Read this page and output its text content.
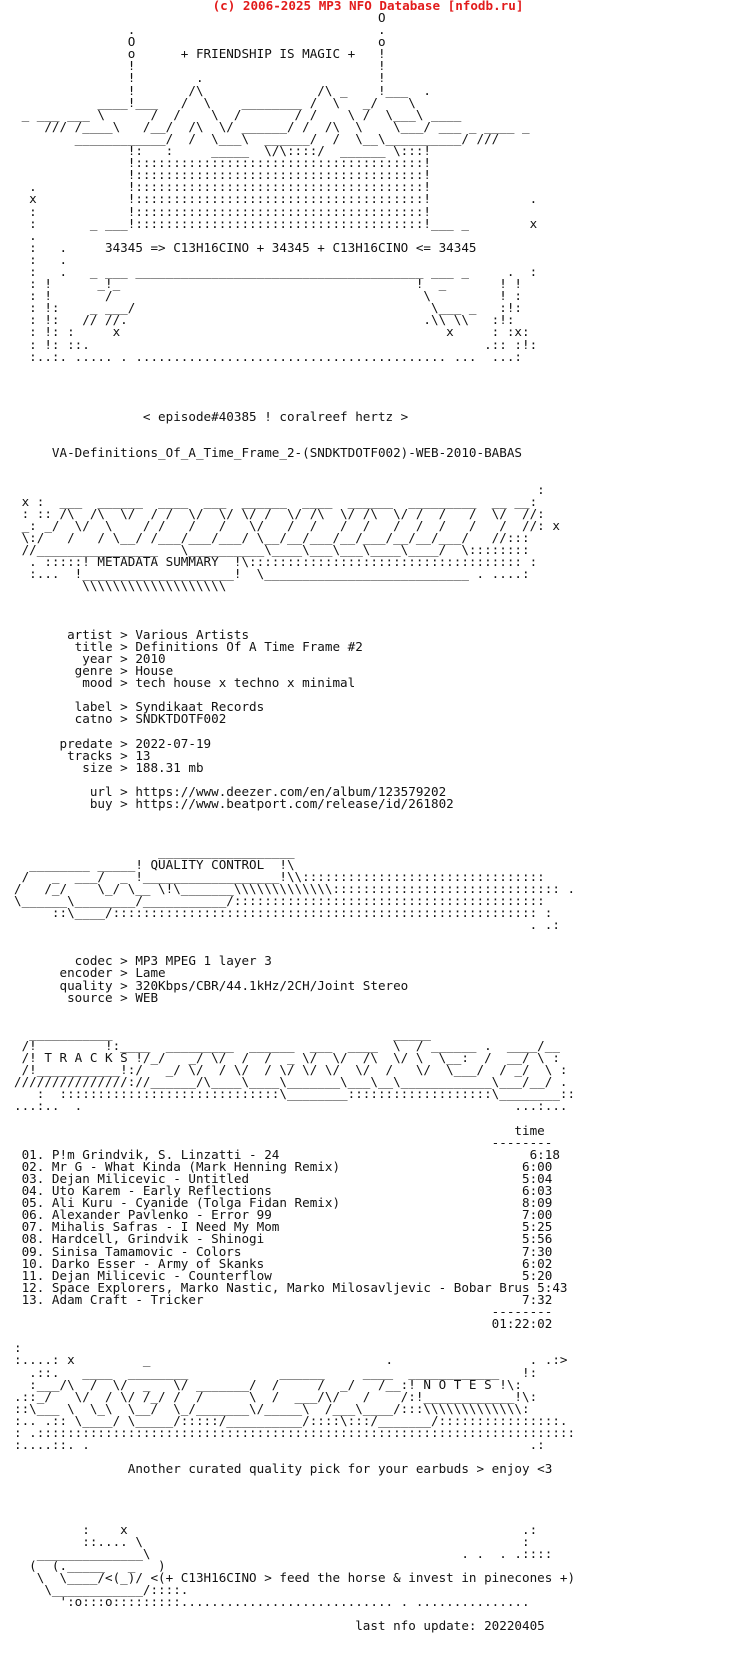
(c) 2006-2025 MP3 NFO Database [nfodb.ru]
O
.                                .
O                                o
o      + FRIENDSHIP IS MAGIC +   !
!                                !
!        .                       !
!       /\               /\ _    !___  .
____!___   /  \    ________ /  \   _/    \
_ ___ ___ \      /  /    \  /       / /    \ /  \___\ ____
/// /____\   /__/  /\  \/ ______/ /  /\  \    \___/ ___ _ ____ _
____________/  /  \___\  ______/  /  \__\__________/ ///
!:   :     _____  \/\::::/  ______ \:::!
!::::::::::::::::::::::::::::::::::::::!
!::::::::::::::::::::::::::::::::::::::!
.            !::::::::::::::::::::::::::::::::::::::!
x            !::::::::::::::::::::::::::::::::::::::!             .
:            !::::::::::::::::::::::::::::::::::::::!
:       _ ___!::::::::::::::::::::::::::::::::::::::!___ _        x
.
:   .     34345 => C13H16CINO + 34345 + C13H16CINO <= 34345
:   .
:   .   _ ___ ______________________________________ ___ _     .  :
: !      _!_                                       !  _       ! !
: !       /                                         \         ! :
: !:    _ ___/                                       \___ _   :!:
: !:   // //.                                       .\\ \\   :!:
: !: :     x                                           x     : :x:
: !: ::.                                                    .:: :!:
:..:. ..... . ......................................... ...  ...:

< episode#40385 ! coralreef hertz >

VA-Definitions_Of_A_Time_Frame_2-(SNDKTDOTF002)-WEB-2010-BABAS

:
x :  ___  ______  ____  ___  ______  ____  ______  _________  __ __:
: :: /\  /\  \/  / /  \/  \/ \/ /  \/ /\  \/ /\  \/ /  /   /  \/  //:
_: _/  \/  \    / /   /   /   \/   /  /   /  /   /  /  /   /   /  //: x
\:/   /   / \__/ /___/___/___/ \__/__/___/__/___/__/__/___/   //:::
//________________   \__________\____\___\___\____\____/  \::::::::
. :::::! METADATA SUMMARY  !\:::::::::::::::::::::::::::::::::::: :
:...  !____________________!  \___________________________ . ....:
\\\\\\\\\\\\\\\\\\\

artist > Various Artists
title > Definitions Of A Time Frame #2
year > 2010
genre > House
mood > tech house x techno x minimal

label > Syndikaat Records
catno > SNDKTDOTF002

predate > 2022-07-19
tracks > 13
size > 188.31 mb

url > https://www.deezer.com/en/album/123579202
buy > https://www.beatport.com/release/id/261802

__________________
________ _____! QUALITY CONTROL  !\
/   _  ___/  _ !__________________!\\::::::::::::::::::::::::::::::::
/   /_/    \_/ \__ \!\_______\\\\\\\\\\\\\:::::::::::::::::::::::::::::: .
\______\________/___________/:::::::::::::::::::::::::::::::::::::::::
::\____/:::::::::::::::::::::::::::::::::::::::::::::::::::::::: :
. .:

codec > MP3 MPEG 1 layer 3
encoder > Lame
quality > 320Kbps/CBR/44.1kHz/2CH/Joint Stereo
source > WEB

___________                                     _____
/!         !:____  _________  ______  ___  ____  \  / ______ .  ____/__
/! T R A C K S !/_/   _/ \/  /  /  _ \/  \/  /\  \/ \  \__:  /  __/ \ :
/!___________!:/   _/ \/  / \/  / \/ \/ \/  \/  /   \/  \___/  / _/  \ :
///////////////://______/\____\____\_______\___\__\____________\___/__/ .
:  :::::::::::::::::::::::::::::\________:::::::::::::::::::\________::
...:..  .                                                         ...:...

time
--------
01. P!m Grindvik, S. Linzatti - 24                                 6:18
02. Mr G - What Kinda (Mark Henning Remix)                        6:00
03. Dejan Milicevic - Untitled                                    5:04
04. Uto Karem - Early Reflections                                 6:03
05. Ali Kuru - Cyanide (Tolga Fidan Remix)                        8:09
06. Alexander Pavlenko - Error 99                                 7:00
07. Mihalis Safras - I Need My Mom                                5:25
08. Hardcell, Grindvik - Shinogi                                  5:56
09. Sinisa Tamamovic - Colors                                     7:30
10. Darko Esser - Army of Skanks                                  6:02
11. Dejan Milicevic - Counterflow                                 5:20
12. Space Explorers, Marko Nastic, Marko Milosavljevic - Bobar Brus 5:43
13. Adam Craft - Tricker                                          7:32
--------
01:22:02

:
:....: x         _                               .                  . .:>
.::.   ____  ________            ______     ____  ____________   !:
:___/\  /  \/  _   \/ _______/  /     /  _/   /__:! N O T E S !\:
.::_/   \/  / \/ /_/ /  /      \  /  ___/\/   /    /:!____________!\:
::\___ \  \_\  \__/  \_/_______\/_____\  /___\____/:::\\\\\\\\\\\\\:
:.. .:: \____/ \_____/:::::/__________/::::\:::/_______/::::::::::::::::.
: .:::::::::::::::::::::::::::::::::::::::::::::::::::::::::::::::::::::::
:....::. .                                                          .:

Another curated quality pick for your earbuds > enjoy <3

:    x                                                    .:
::.... \                                                  :
______________\                                         . .  . .::::
(  (._____   _   )
\  \____/<(_)/ <(+ C13H16CINO > feed the horse & invest in pinecones +)
\____________/::::.
':o:::o:::::::::............................ . ...............

last nfo update: 20220405
